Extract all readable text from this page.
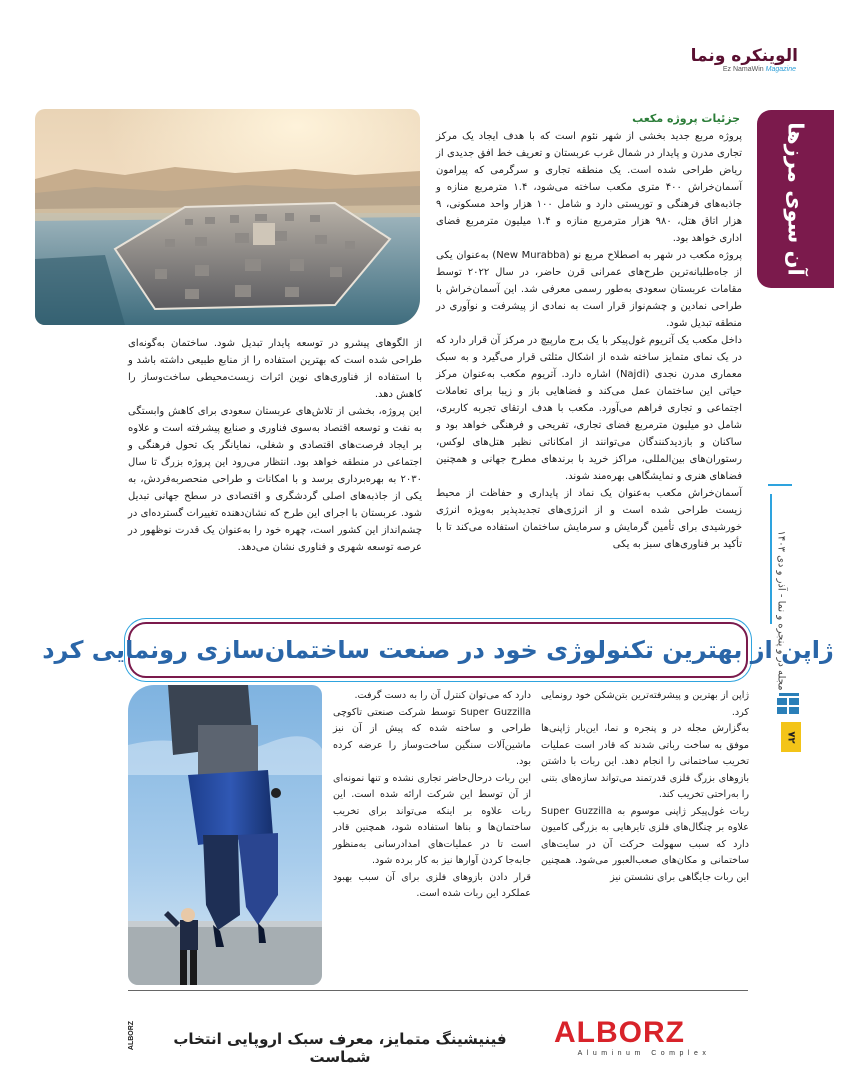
الوینکره ونما
Ez NamaWin Magazine
آن سوی مرزها
مجله در و پنجره و نما - آذر و دی ۱۴۰۳
۷۲
جزئیات پروژه مکعب

پروژه مربع جدید بخشی از شهر نئوم است که با هدف ایجاد یک مرکز تجاری مدرن و پایدار در شمال غرب عربستان و تعریف خط افق جدیدی از ریاض طراحی شده است. یک منطقه تجاری و سرگرمی که پیرامون آسمان‌خراش ۴۰۰ متری مکعب ساخته می‌شود، ۱.۴ مترمربع منازه و جاذبه‌های فرهنگی و توریستی دارد و شامل ۱۰۰ هزار واحد مسکونی، ۹ هزار اتاق هتل، ۹۸۰ هزار مترمربع منازه و ۱.۴ میلیون مترمربع فضای اداری خواهد بود.

پروژه مکعب در شهر به اصطلاح مربع نو (New Murabba) به‌عنوان یکی از جاه‌طلبانه‌ترین طرح‌های عمرانی قرن حاضر، در سال ۲۰۲۲ توسط مقامات عربستان سعودی به‌طور رسمی معرفی شد. این آسمان‌خراش با طراحی نمادین و چشم‌نواز قرار است به نمادی از پیشرفت و نوآوری در منطقه تبدیل شود.

داخل مکعب یک آتریوم غول‌پیکر با یک برج مارپیچ در مرکز آن قرار دارد که در یک نمای متمایز ساخته شده از اشکال مثلثی قرار می‌گیرد و به سبک معماری مدرن نجدی (Najdi) اشاره دارد. آتریوم مکعب به‌عنوان مرکز حیاتی این ساختمان عمل می‌کند و فضاهایی باز و زیبا برای تعاملات اجتماعی و تجاری فراهم می‌آورد. مکعب با هدف ارتقای تجربه کاربری، شامل دو میلیون مترمربع فضای تجاری، تفریحی و فرهنگی خواهد بود و ساکنان و بازدیدکنندگان می‌توانند از امکاناتی نظیر هتل‌های لوکس، رستوران‌های بین‌المللی، مراکز خرید با برندهای مطرح جهانی و همچنین فضاهای هنری و نمایشگاهی بهره‌مند شوند.

آسمان‌خراش مکعب به‌عنوان یک نماد از پایداری و حفاظت از محیط زیست طراحی شده است و از انرژی‌های تجدیدپذیر به‌ویژه انرژی خورشیدی برای تأمین گرمایش و سرمایش ساختمان استفاده می‌کند تا با تأکید بر فناوری‌های سبز به یکی

از الگوهای پیشرو در توسعه پایدار تبدیل شود. ساختمان به‌گونه‌ای طراحی شده است که بهترین استفاده را از منابع طبیعی داشته باشد و با استفاده از فناوری‌های نوین اثرات زیست‌محیطی ساخت‌وساز را کاهش دهد.

این پروژه، بخشی از تلاش‌های عربستان سعودی برای کاهش وابستگی به نفت و توسعه اقتصاد به‌سوی فناوری و صنایع پیشرفته است و علاوه بر ایجاد فرصت‌های اقتصادی و شغلی، نمایانگر یک تحول فرهنگی و اجتماعی در منطقه خواهد بود. انتظار می‌رود این پروژه بزرگ تا سال ۲۰۳۰ به بهره‌برداری برسد و با امکانات و طراحی منحصربه‌فردش، به یکی از جاذبه‌های اصلی گردشگری و اقتصادی در سطح جهانی تبدیل شود. عربستان با اجرای این طرح که نشان‌دهنده تغییرات گسترده‌ای در چشم‌انداز این کشور است، چهره خود را به‌عنوان یک قدرت نوظهور در عرصه توسعه شهری و فناوری نشان می‌دهد.

ژاپن از بهترین تکنولوژی خود در صنعت ساختمان‌سازی رونمایی کرد

ژاپن از بهترین و پیشرفته‌ترین بتن‌شکن خود رونمایی کرد.

به‌گزارش مجله در و پنجره و نما، این‌بار ژاپنی‌ها موفق به ساخت رباتی شدند که قادر است عملیات تخریب ساختمانی را انجام دهد. این ربات با داشتن بازوهای بزرگ فلزی قدرتمند می‌تواند سازه‌های بتنی را به‌راحتی تخریب کند.

ربات غول‌پیکر ژاپنی موسوم به Super Guzzilla علاوه بر چنگال‌های فلزی تایرهایی به بزرگی کامیون دارد که سبب سهولت حرکت آن در سایت‌های ساختمانی و مکان‌های صعب‌العبور می‌شود. همچنین این ربات جایگاهی برای نشستن نیز

دارد که می‌توان کنترل آن را به دست گرفت.

Super Guzzilla توسط شرکت صنعتی تاکوچی طراحی و ساخته شده که پیش از آن نیز ماشین‌آلات سنگین ساخت‌وساز را عرضه کرده بود.

این ربات درحال‌حاضر تجاری نشده و تنها نمونه‌ای از آن توسط این شرکت ارائه شده است. این ربات علاوه بر اینکه می‌تواند برای تخریب ساختمان‌ها و بناها استفاده شود، همچنین قادر است تا در عملیات‌های امدادرسانی به‌منظور جابه‌جا کردن آوارها نیز به کار برده شود.

قرار دادن بازوهای فلزی برای آن سبب بهبود عملکرد این ربات شده است.

ALBORZ
Aluminum Complex
فینیشینگ متمایز، معرف سبک اروپایی انتخاب شماست
ALBORZ
